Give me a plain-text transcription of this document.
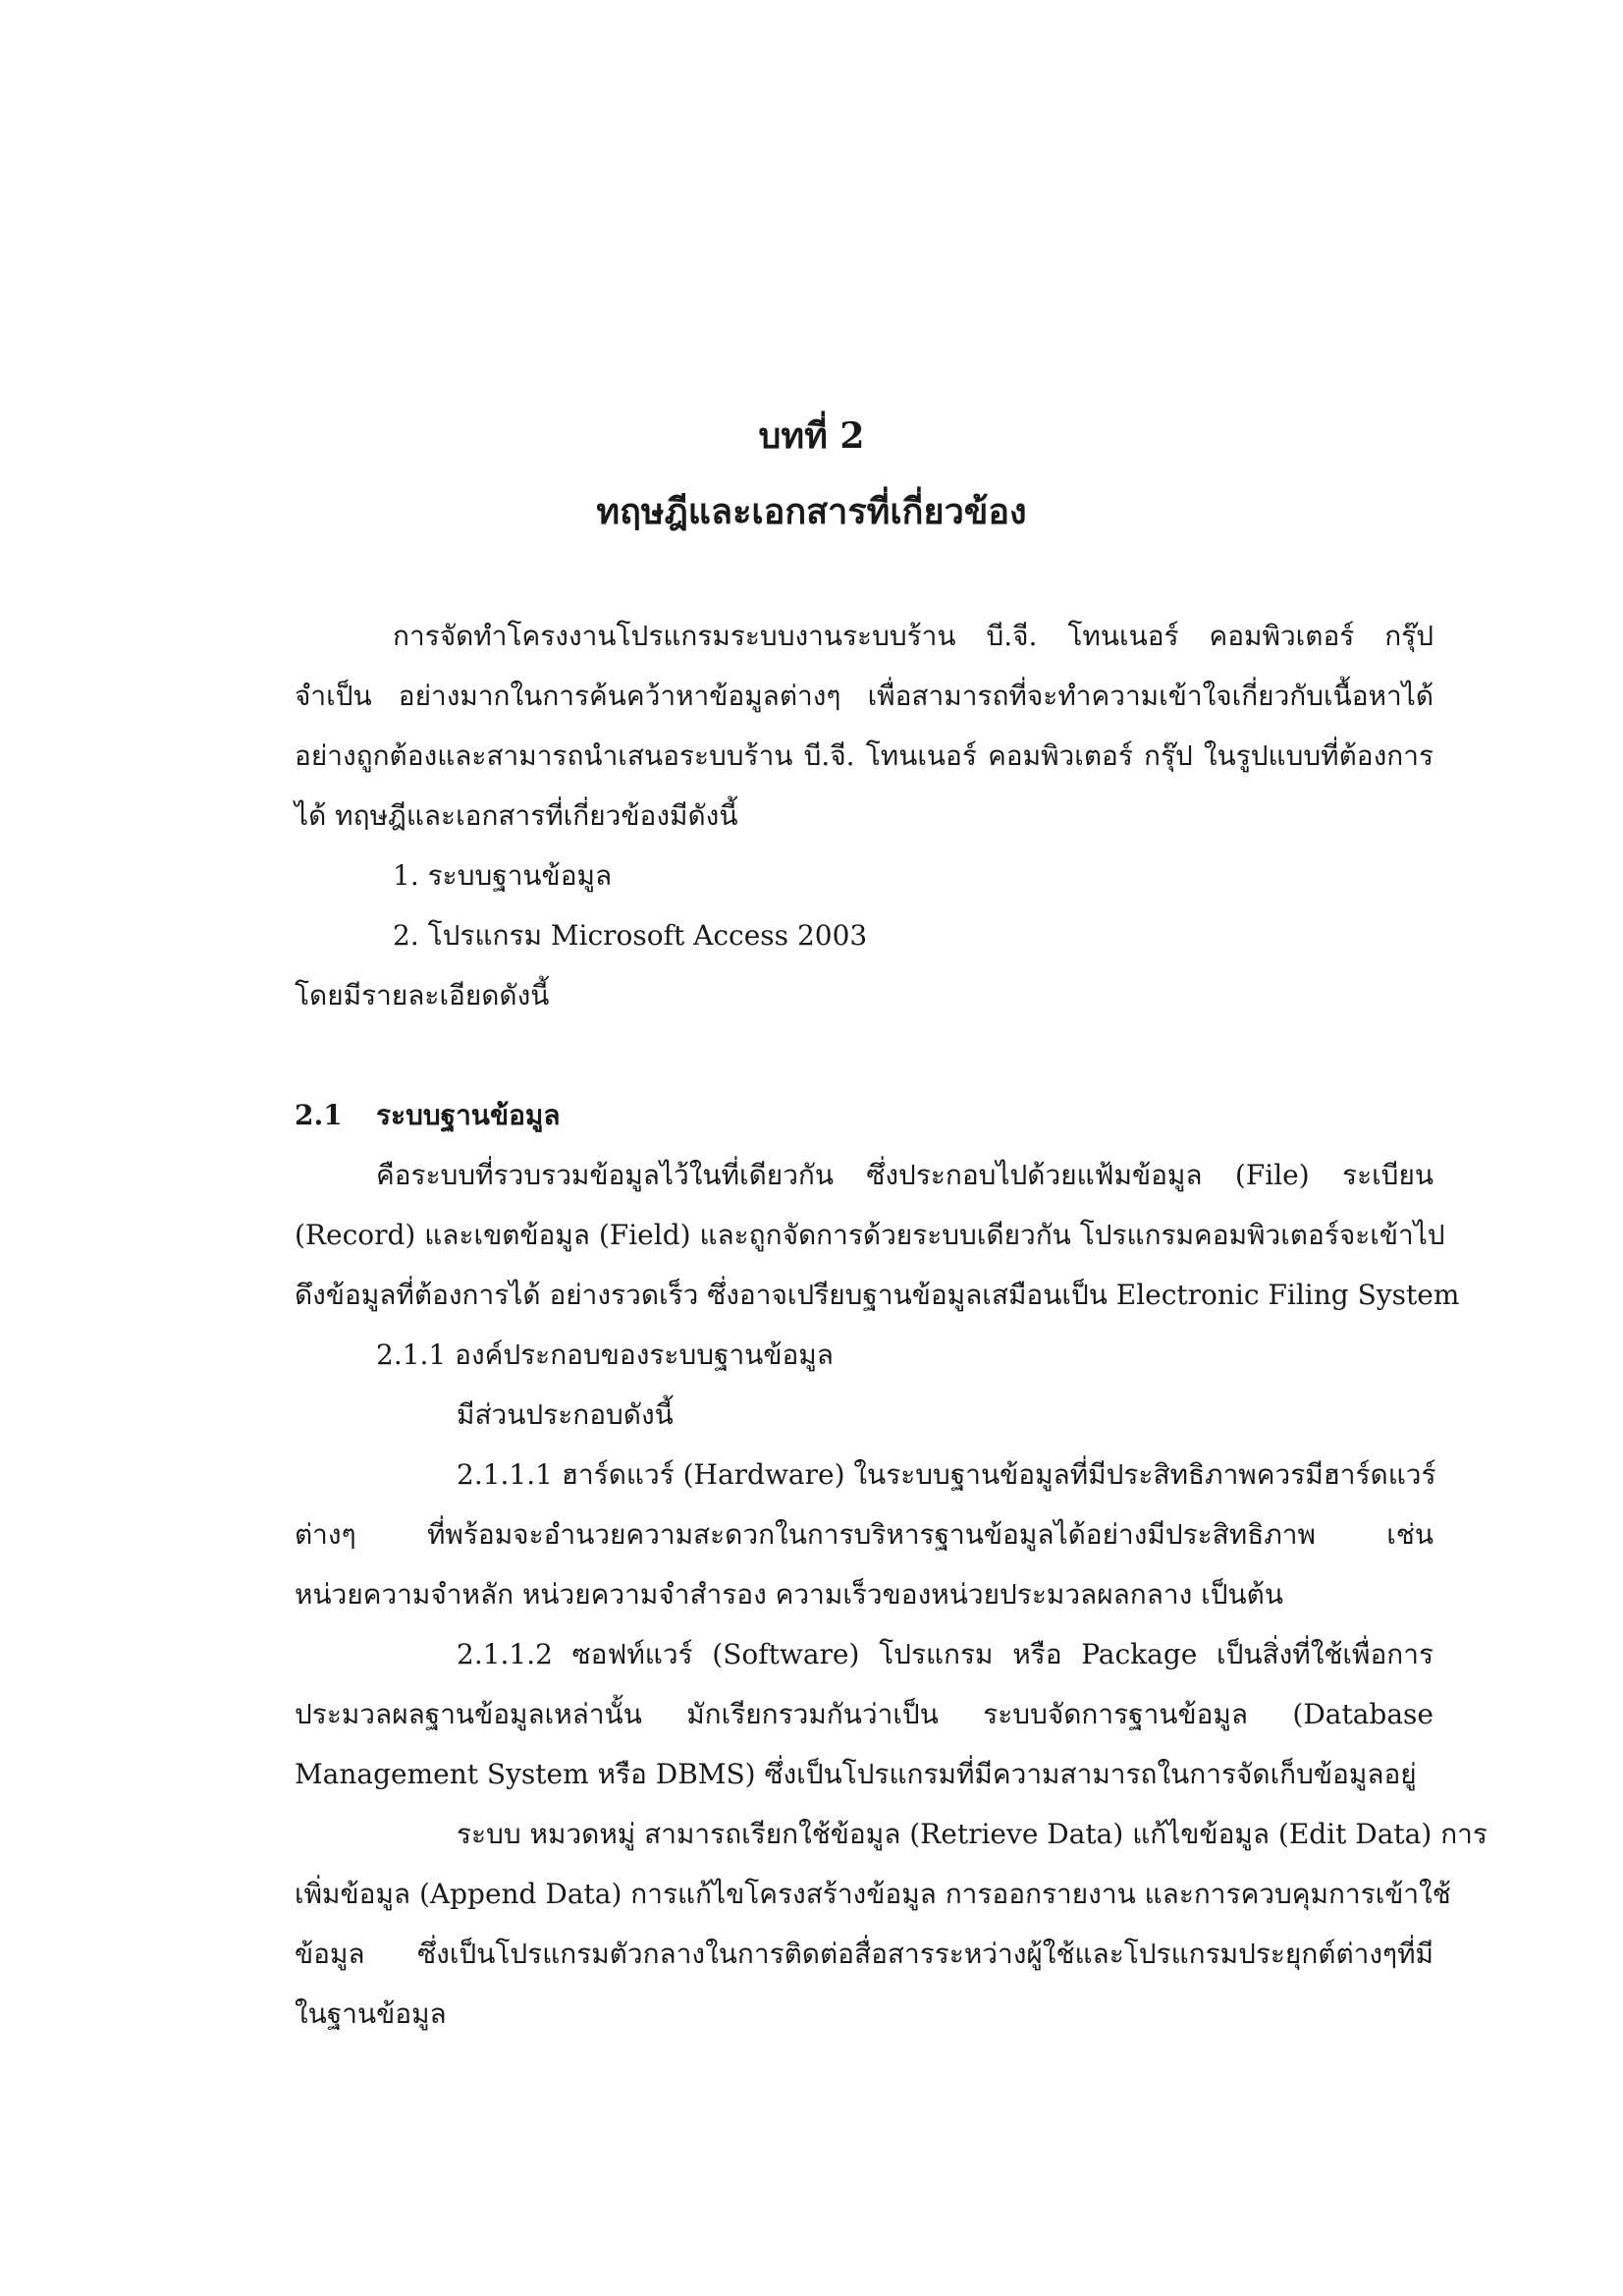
บทที่ 2
ทฤษฎีและเอกสารที่เกี่ยวข้อง
การจัดทำโครงงานโปรแกรมระบบงานระบบร้าน บี.จี. โทนเนอร์ คอมพิวเตอร์ กรุ๊ป
จำเป็น อย่างมากในการค้นคว้าหาข้อมูลต่างๆ เพื่อสามารถที่จะทำความเข้าใจเกี่ยวกับเนื้อหาได้
อย่างถูกต้องและสามารถนำเสนอระบบร้าน บี.จี. โทนเนอร์ คอมพิวเตอร์ กรุ๊ป ในรูปแบบที่ต้องการ
ได้ ทฤษฎีและเอกสารที่เกี่ยวข้องมีดังนี้
1. ระบบฐานข้อมูล
2. โปรแกรม Microsoft Access 2003
โดยมีรายละเอียดดังนี้
2.1 ระบบฐานข้อมูล
คือระบบที่รวบรวมข้อมูลไว้ในที่เดียวกัน ซึ่งประกอบไปด้วยแฟ้มข้อมูล (File) ระเบียน
(Record) และเขตข้อมูล (Field) และถูกจัดการด้วยระบบเดียวกัน โปรแกรมคอมพิวเตอร์จะเข้าไป
ดึงข้อมูลที่ต้องการได้ อย่างรวดเร็ว ซึ่งอาจเปรียบฐานข้อมูลเสมือนเป็น Electronic Filing System
2.1.1 องค์ประกอบของระบบฐานข้อมูล
มีส่วนประกอบดังนี้
2.1.1.1 ฮาร์ดแวร์ (Hardware) ในระบบฐานข้อมูลที่มีประสิทธิภาพควรมีฮาร์ดแวร์
ต่างๆ ที่พร้อมจะอำนวยความสะดวกในการบริหารฐานข้อมูลได้อย่างมีประสิทธิภาพ เช่น
หน่วยความจำหลัก หน่วยความจำสำรอง ความเร็วของหน่วยประมวลผลกลาง เป็นต้น
2.1.1.2 ซอฟท์แวร์ (Software) โปรแกรม หรือ Package เป็นสิ่งที่ใช้เพื่อการ
ประมวลผลฐานข้อมูลเหล่านั้น มักเรียกรวมกันว่าเป็น ระบบจัดการฐานข้อมูล (Database
Management System หรือ DBMS) ซึ่งเป็นโปรแกรมที่มีความสามารถในการจัดเก็บข้อมูลอยู่
ระบบ หมวดหมู่ สามารถเรียกใช้ข้อมูล (Retrieve Data) แก้ไขข้อมูล (Edit Data) การ
เพิ่มข้อมูล (Append Data) การแก้ไขโครงสร้างข้อมูล การออกรายงาน และการควบคุมการเข้าใช้
ข้อมูล ซึ่งเป็นโปรแกรมตัวกลางในการติดต่อสื่อสารระหว่างผู้ใช้และโปรแกรมประยุกต์ต่างๆที่มี
ในฐานข้อมูล
